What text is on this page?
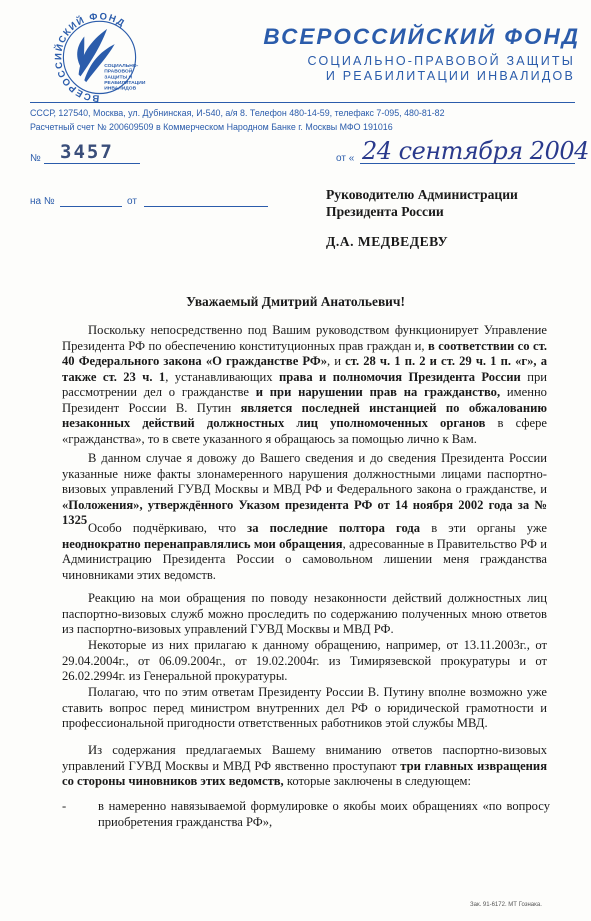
ВСЕРОССИЙСКИЙ ФОНД
СОЦИАЛЬНО-
ПРАВОВОЙ
ЗАЩИТЫ И
РЕАБИЛИТАЦИИ
ИНВАЛИДОВ
ВСЕРОССИЙСКИЙ ФОНД
СОЦИАЛЬНО-ПРАВОВОЙ ЗАЩИТЫ
И РЕАБИЛИТАЦИИ ИНВАЛИДОВ
СССР, 127540, Москва, ул. Дубнинская, И-540, а/я 8. Телефон 480-14-59, телефакс 7-095, 480-81-82
Расчетный счет № 200609509 в Коммерческом Народном Банке г. Москвы МФО 191016
№ 3457	от « 24 сентября 2004
на №	от	Руководителю Администрации
Президента России
Д.А. МЕДВЕДЕВУ
Уважаемый Дмитрий Анатольевич!

Поскольку непосредственно под Вашим руководством функционирует Управление Президента РФ по обеспечению конституционных прав граждан и, в соответствии со ст. 40 Федерального закона «О гражданстве РФ», и ст. 28 ч. 1 п. 2 и ст. 29 ч. 1 п. «г», а также ст. 23 ч. 1, устанавливающих права и полномочия Президента России при рассмотрении дел о гражданстве и при нарушении прав на гражданство, именно Президент России В. Путин является последней инстанцией по обжалованию незаконных действий должностных лиц уполномоченных органов в сфере «гражданства», то в свете указанного я обращаюсь за помощью лично к Вам.

В данном случае я довожу до Вашего сведения и до сведения Президента России указанные ниже факты злонамеренного нарушения должностными лицами паспортно-визовых управлений ГУВД Москвы и МВД РФ и Федерального закона о гражданстве, и «Положения», утверждённого Указом президента РФ от 14 ноября 2002 года за № 1325

Особо подчёркиваю, что за последние полтора года в эти органы уже неоднократно перенаправлялись мои обращения, адресованные в Правительство РФ и Администрацию Президента России о самовольном лишении меня гражданства чиновниками этих ведомств.

Реакцию на мои обращения по поводу незаконности действий должностных лиц паспортно-визовых служб можно проследить по содержанию полученных мною ответов из паспортно-визовых управлений ГУВД Москвы и МВД РФ.

Некоторые из них прилагаю к данному обращению, например, от 13.11.2003г., от 29.04.2004г., от 06.09.2004г., от 19.02.2004г. из Тимирязевской прокуратуры и от 26.02.2994г. из Генеральной прокуратуры.

Полагаю, что по этим ответам Президенту России В. Путину вполне возможно уже ставить вопрос перед министром внутренних дел РФ о юридической грамотности и профессиональной пригодности ответственных работников этой службы МВД.

Из содержания предлагаемых Вашему вниманию ответов паспортно-визовых управлений ГУВД Москвы и МВД РФ явственно проступают три главных извращения со стороны чиновников этих ведомств, которые заключены в следующем:

-	в намеренно навязываемой формулировке о якобы моих обращениях «по вопросу приобретения гражданства РФ»,
Зак. 91-6172. МТ Гознака.
